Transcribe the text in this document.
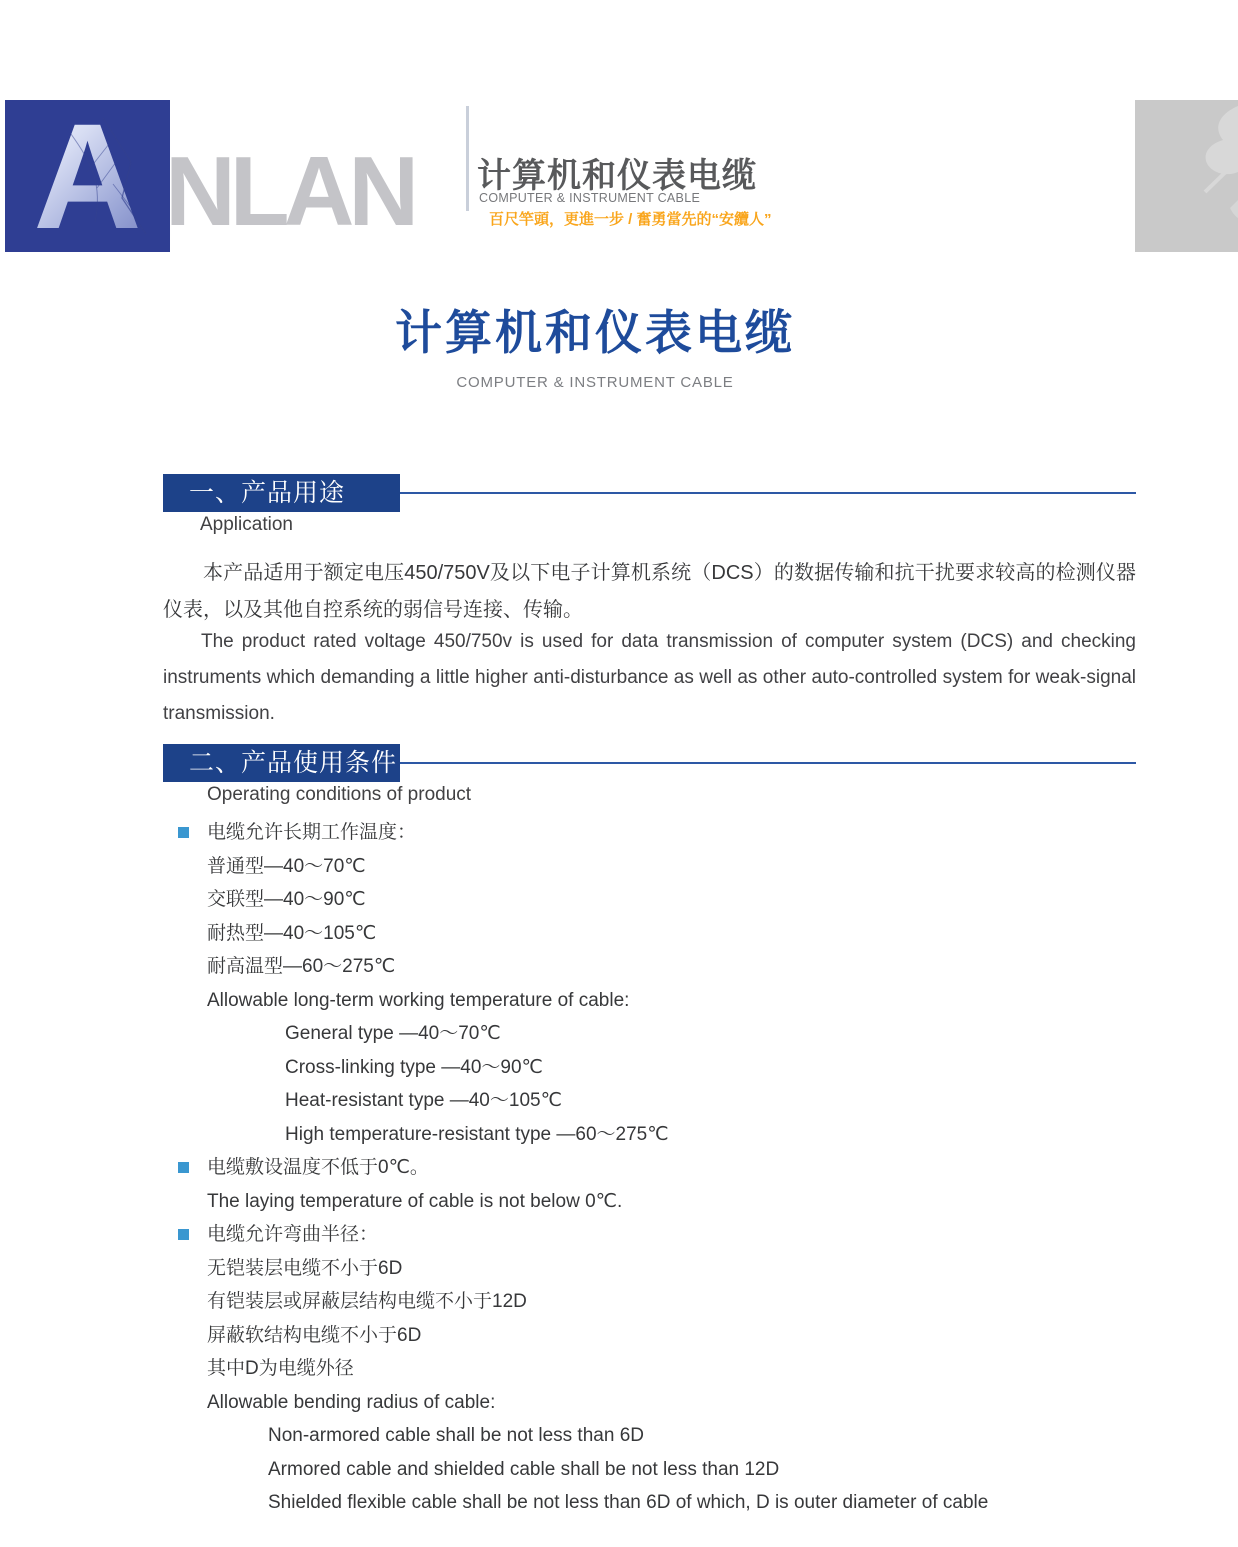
A NLAN 计算机和仪表电缆
COMPUTER & INSTRUMENT CABLE
百尺竿頭，更進一步 / 奮勇當先的“安纜人”
计算机和仪表电缆
COMPUTER & INSTRUMENT CABLE
一、产品用途
Application

本产品适用于额定电压450/750V及以下电子计算机系统（DCS）的数据传输和抗干扰要求较高的检测仪器仪表，以及其他自控系统的弱信号连接、传输。

The product rated voltage 450/750v is used for data transmission of computer system (DCS) and checking instruments which demanding a little higher anti-disturbance as well as other auto-controlled system for weak-signal transmission.

二、产品使用条件
Operating conditions of product
电缆允许长期工作温度：
普通型—40～70℃
交联型—40～90℃
耐热型—40～105℃
耐高温型—60～275℃
Allowable long-term working temperature of cable:
General type —40～70℃
Cross-linking type —40～90℃
Heat-resistant type —40～105℃
High temperature-resistant type —60～275℃
电缆敷设温度不低于0℃。
The laying temperature of cable is not below 0℃.
电缆允许弯曲半径：
无铠装层电缆不小于6D
有铠装层或屏蔽层结构电缆不小于12D
屏蔽软结构电缆不小于6D
其中D为电缆外径
Allowable bending radius of cable:
Non-armored cable shall be not less than 6D
Armored cable and shielded cable shall be not less than 12D
Shielded flexible cable shall be not less than 6D of which, D is outer diameter of cable
